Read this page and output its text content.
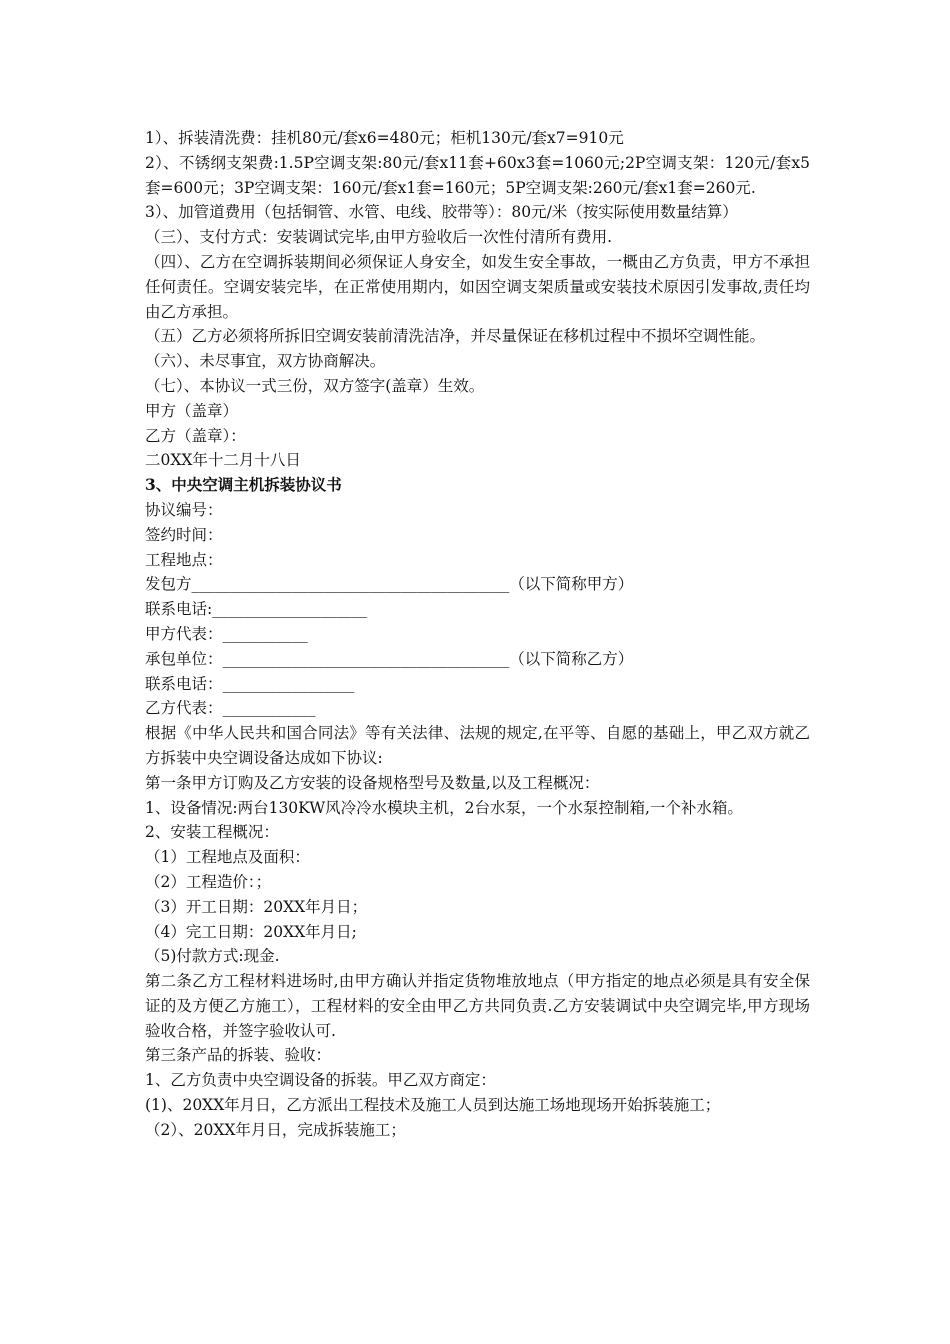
1）、拆装清洗费：挂机80元/套x6=480元；柜机130元/套x7=910元
2）、不锈纲支架费:1.5P空调支架:80元/套x11套+60x3套=1060元;2P空调支架：120元/套x5套=600元；3P空调支架：160元/套x1套=160元；5P空调支架:260元/套x1套=260元.
3）、加管道费用（包括铜管、水管、电线、胶带等）：80元/米（按实际使用数量结算）
（三）、支付方式：安装调试完毕,由甲方验收后一次性付清所有费用.
（四）、乙方在空调拆装期间必须保证人身安全，如发生安全事故，一概由乙方负责，甲方不承担任何责任。空调安装完毕，在正常使用期内，如因空调支架质量或安装技术原因引发事故,责任均由乙方承担。
（五）乙方必须将所拆旧空调安装前清洗洁净，并尽量保证在移机过程中不损坏空调性能。
（六）、未尽事宜，双方协商解决。
（七）、本协议一式三份，双方签字(盖章）生效。
甲方（盖章）
乙方（盖章）：
二0XX年十二月十八日
3、中央空调主机拆装协议书
协议编号：
签约时间：
工程地点：
发包方_________________________________________（以下简称甲方）
联系电话:____________________
甲方代表：___________
承包单位：_____________________________________（以下简称乙方）
联系电话：_________________
乙方代表：____________
根据《中华人民共和国合同法》等有关法律、法规的规定,在平等、自愿的基础上，甲乙双方就乙方拆装中央空调设备达成如下协议:
第一条甲方订购及乙方安装的设备规格型号及数量,以及工程概况：
1、设备情况:两台130KW风冷冷水模块主机，2台水泵，一个水泵控制箱,一个补水箱。
2、安装工程概况：
（1）工程地点及面积：
（2）工程造价：；
（3）开工日期：20XX年月日；
（4）完工日期：20XX年月日;
（5)付款方式:现金.
第二条乙方工程材料进场时,由甲方确认并指定货物堆放地点（甲方指定的地点必须是具有安全保证的及方便乙方施工），工程材料的安全由甲乙方共同负责.乙方安装调试中央空调完毕,甲方现场验收合格，并签字验收认可.
第三条产品的拆装、验收：
1、乙方负责中央空调设备的拆装。甲乙双方商定：
(1)、20XX年月日，乙方派出工程技术及施工人员到达施工场地现场开始拆装施工；
（2）、20XX年月日，完成拆装施工；
